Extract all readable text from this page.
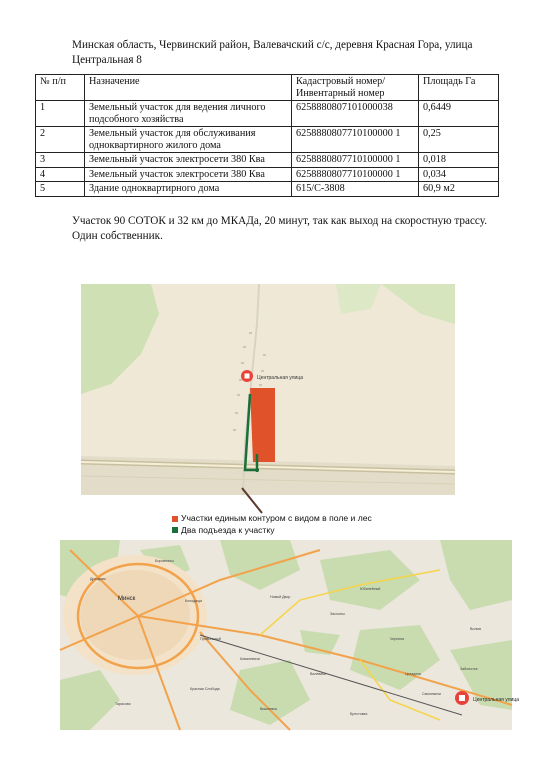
Минская область, Червинский район, Валевачский с/с, деревня Красная Гора, улица Центральная 8
№ п/п	Назначение	Кадастровый номер/ Инвентарный номер	Площадь Га
1	Земельный участок для ведения личного подсобного хозяйства	6258880807101000038	0,6449
2	Земельный участок для обслуживания одноквартирного жилого дома	6258880807710100000 1	0,25
3	Земельный участок электросети 380 Ква	6258880807710100000 1	0,018
4	Земельный участок электросети 380 Ква	6258880807710100000 1	0,034
5	Здание одноквартирного дома	615/С-3808	60,9 м2
Участок 90 СОТОК и 32 км до МКАДа, 20 минут, так как выход на скоростную трассу. Один собственник.
Центральная улица
Участки единым контуром с видом в поле и лес
Два подъезда к участку
Минск	Колодищи
Боровляны
Привольный
Смолевичи
Заслоны
Новый Двор
Юбилейный
Дроздово
Ковалевичи
Валевачи
Черничи
Вишневка
Волма
Цитадель
Красная Слобода
Брестовка
Тарасово
Заболотье
Центральная улица
